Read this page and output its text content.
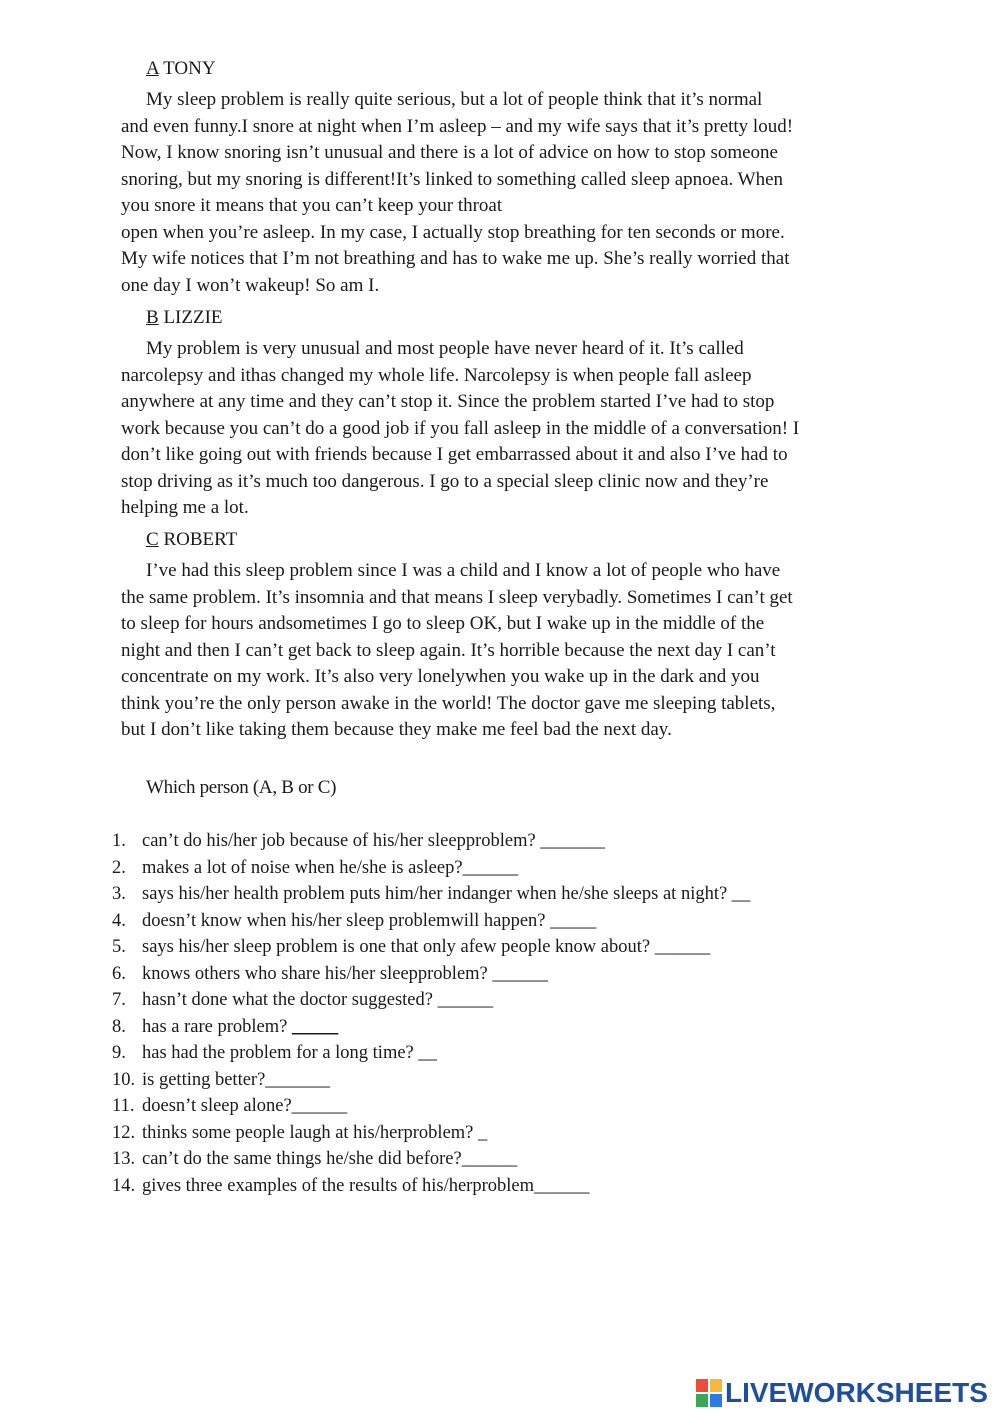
A TONY
My sleep problem is really quite serious, but a lot of people think that it’s normal
and even funny.I snore at night when I’m asleep – and my wife says that it’s pretty loud!
Now, I know snoring isn’t unusual and there is a lot of advice on how to stop someone
snoring, but my snoring is different!It’s linked to something called sleep apnoea. When
you snore it means that you can’t keep your throat
open when you’re asleep. In my case, I actually stop breathing for ten seconds or more.
My wife notices that I’m not breathing and has to wake me up. She’s really worried that
one day I won’t wakeup! So am I.
B LIZZIE
My problem is very unusual and most people have never heard of it. It’s called
narcolepsy and ithas changed my whole life. Narcolepsy is when people fall asleep
anywhere at any time and they can’t stop it. Since the problem started I’ve had to stop
work because you can’t do a good job if you fall asleep in the middle of a conversation! I
don’t like going out with friends because I get embarrassed about it and also I’ve had to
stop driving as it’s much too dangerous. I go to a special sleep clinic now and they’re
helping me a lot.
C ROBERT
I’ve had this sleep problem since I was a child and I know a lot of people who have
the same problem. It’s insomnia and that means I sleep verybadly. Sometimes I can’t get
to sleep for hours andsometimes I go to sleep OK, but I wake up in the middle of the
night and then I can’t get back to sleep again. It’s horrible because the next day I can’t
concentrate on my work. It’s also very lonelywhen you wake up in the dark and you
think you’re the only person awake in the world! The doctor gave me sleeping tablets,
but I don’t like taking them because they make me feel bad the next day.
Which person (A, B or C)
1. can’t do his/her job because of his/her sleepproblem? _______
2. makes a lot of noise when he/she is asleep?______
3. says his/her health problem puts him/her indanger when he/she sleeps at night? __
4. doesn’t know when his/her sleep problemwill happen? _____
5. says his/her sleep problem is one that only afew people know about? ______
6. knows others who share his/her sleepproblem? ______
7. hasn’t done what the doctor suggested? ______
8. has a rare problem? _____
9. has had the problem for a long time? __
10. is getting better?_______
11. doesn’t sleep alone?______
12. thinks some people laugh at his/herproblem? _
13. can’t do the same things he/she did before?______
14. gives three examples of the results of his/herproblem______
LIVEWORKSHEETS
